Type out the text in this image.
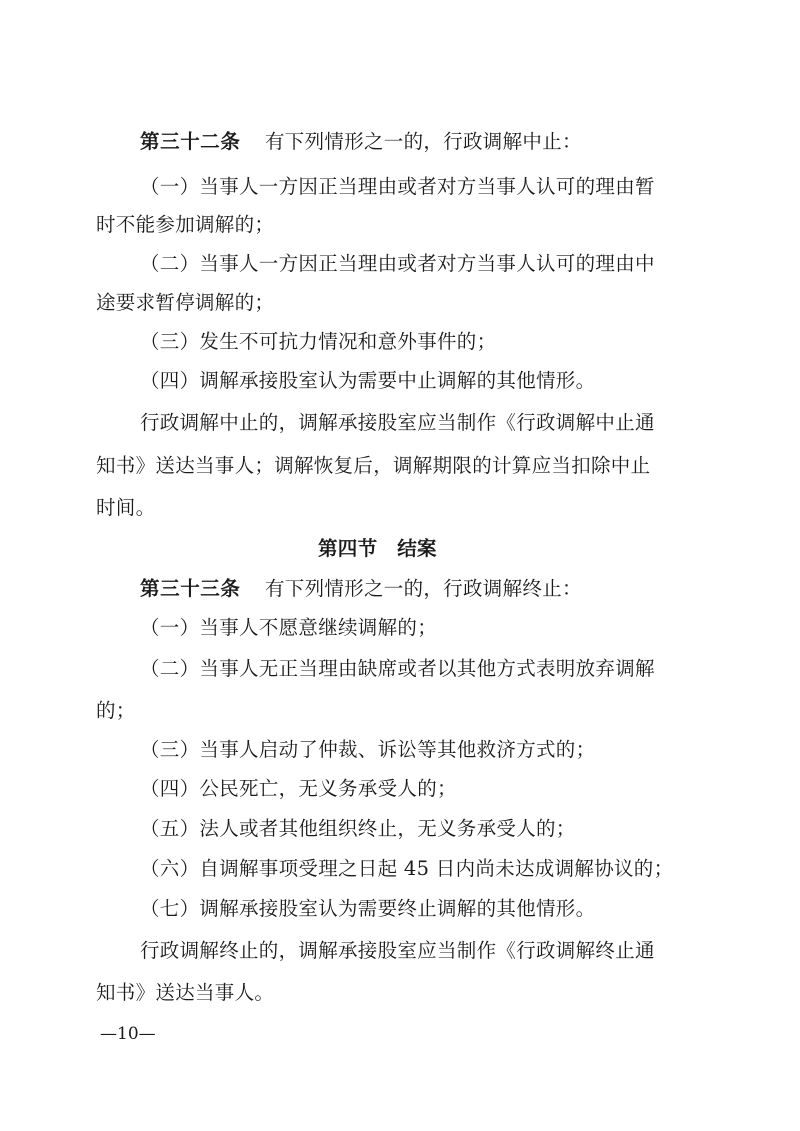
第三十二条 有下列情形之一的，行政调解中止：
（一）当事人一方因正当理由或者对方当事人认可的理由暂
时不能参加调解的；
（二）当事人一方因正当理由或者对方当事人认可的理由中
途要求暂停调解的；
（三）发生不可抗力情况和意外事件的；
（四）调解承接股室认为需要中止调解的其他情形。
行政调解中止的，调解承接股室应当制作《行政调解中止通
知书》送达当事人；调解恢复后，调解期限的计算应当扣除中止
时间。
第四节　结案
第三十三条 有下列情形之一的，行政调解终止：
（一）当事人不愿意继续调解的；
（二）当事人无正当理由缺席或者以其他方式表明放弃调解
的；
（三）当事人启动了仲裁、诉讼等其他救济方式的；
（四）公民死亡，无义务承受人的；
（五）法人或者其他组织终止，无义务承受人的；
（六）自调解事项受理之日起 45 日内尚未达成调解协议的；
（七）调解承接股室认为需要终止调解的其他情形。
行政调解终止的，调解承接股室应当制作《行政调解终止通
知书》送达当事人。
—10—
